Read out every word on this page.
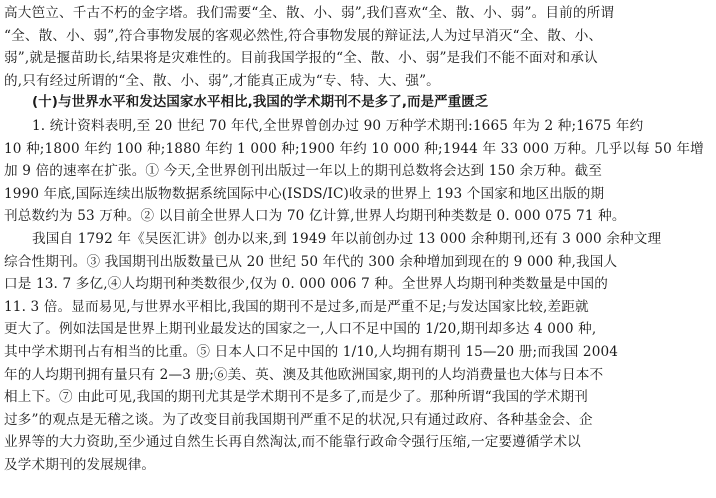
高大笆立、千古不朽的金字塔。我们需要“全、散、小、弱”,我们喜欢“全、散、小、弱”。目前的所谓
“全、散、小、弱”,符合事物发展的客观必然性,符合事物发展的辩证法,人为过早消灭“全、散、小、
弱”,就是揠苗助长,结果将是灾难性的。目前我国学报的“全、散、小、弱”是我们不能不面对和承认
的,只有经过所谓的“全、散、小、弱”,才能真正成为“专、特、大、强”。
(十)与世界水平和发达国家水平相比,我国的学术期刊不是多了,而是严重匮乏
1. 统计资料表明,至 20 世纪 70 年代,全世界曾创办过 90 万种学术期刊:1665 年为 2 种;1675 年约
10 种;1800 年约 100 种;1880 年约 1 000 种;1900 年约 10 000 种;1944 年 33 000 万种。几乎以每 50 年增
加 9 倍的速率在扩张。① 今天,全世界创刊出版过一年以上的期刊总数将会达到 150 余万种。截至
1990 年底,国际连续出版物数据系统国际中心(ISDS/IC)收录的世界上 193 个国家和地区出版的期
刊总数约为 53 万种。② 以目前全世界人口为 70 亿计算,世界人均期刊种类数是 0. 000 075 71 种。
我国自 1792 年《吴医汇讲》创办以来,到 1949 年以前创办过 13 000 余种期刊,还有 3 000 余种文理
综合性期刊。③ 我国期刊出版数量已从 20 世纪 50 年代的 300 余种增加到现在的 9 000 种,我国人
口是 13. 7 多亿,④人均期刊种类数很少,仅为 0. 000 006 7 种。全世界人均期刊种类数量是中国的
11. 3 倍。显而易见,与世界水平相比,我国的期刊不是过多,而是严重不足;与发达国家比较,差距就
更大了。例如法国是世界上期刊业最发达的国家之一,人口不足中国的 1/20,期刊却多达 4 000 种,
其中学术期刊占有相当的比重。⑤ 日本人口不足中国的 1/10,人均拥有期刊 15—20 册;而我国 2004
年的人均期刊拥有量只有 2—3 册;⑥美、英、澳及其他欧洲国家,期刊的人均消费量也大体与日本不
相上下。⑦ 由此可见,我国的期刊尤其是学术期刊不是多了,而是少了。那种所谓“我国的学术期刊
过多”的观点是无稽之谈。为了改变目前我国期刊严重不足的状况,只有通过政府、各种基金会、企
业界等的大力资助,至少通过自然生长再自然淘汰,而不能靠行政命令强行压缩,一定要遵循学术以
及学术期刊的发展规律。
